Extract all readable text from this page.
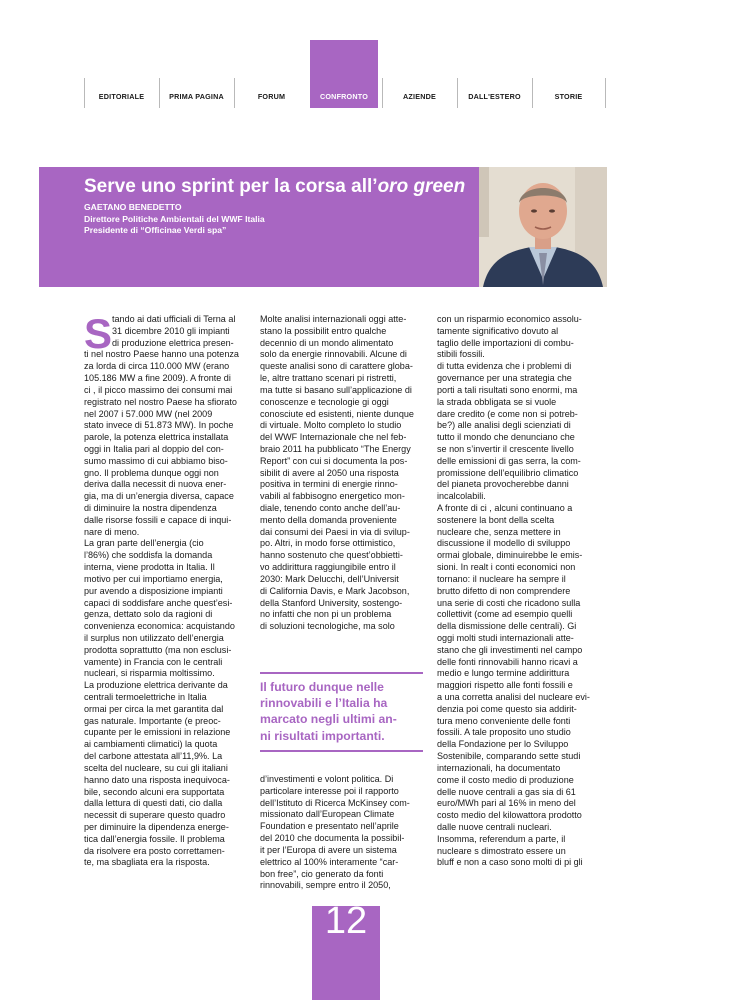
EDITORIALE	PRIMA PAGINA	FORUM	CONFRONTO	AZIENDE	DALL'ESTERO	STORIE
Serve uno sprint per la corsa all’oro green
GAETANO BENEDETTO
Direttore Politiche Ambientali del WWF Italia
Presidente di “Officinae Verdi spa”
S tando ai dati ufficiali di Terna al
31 dicembre 2010 gli impianti
di produzione elettrica presen-
ti nel nostro Paese hanno una potenza
za lorda di circa 110.000 MW (erano
105.186 MW a fine 2009). A fronte di
ci , il picco massimo dei consumi mai
registrato nel nostro Paese ha sfiorato
nel 2007 i 57.000 MW (nel 2009
stato invece di 51.873 MW). In poche
parole, la potenza elettrica installata
oggi in Italia pari al doppio del con-
sumo massimo di cui abbiamo biso-
gno. Il problema dunque oggi non
deriva dalla necessit di nuova ener-
gia, ma di un’energia diversa, capace
di diminuire la nostra dipendenza
dalle risorse fossili e capace di inqui-
nare di meno.
La gran parte dell’energia (cio
l’86%) che soddisfa la domanda
interna, viene prodotta in Italia. Il
motivo per cui importiamo energia,
pur avendo a disposizione impianti
capaci di soddisfare anche quest’esi-
genza, dettato solo da ragioni di
convenienza economica: acquistando
il surplus non utilizzato dell’energia
prodotta soprattutto (ma non esclusi-
vamente) in Francia con le centrali
nucleari, si risparmia moltissimo.
La produzione elettrica derivante da
centrali termoelettriche in Italia
ormai per circa la met garantita dal
gas naturale. Importante (e preoc-
cupante per le emissioni in relazione
ai cambiamenti climatici) la quota
del carbone attestata all’11,9%. La
scelta del nucleare, su cui gli italiani
hanno dato una risposta inequivoca-
bile, secondo alcuni era supportata
dalla lettura di questi dati, cio dalla
necessit di superare questo quadro
per diminuire la dipendenza energe-
tica dall’energia fossile. Il problema
da risolvere era posto correttamen-
te, ma sbagliata era la risposta.
Molte analisi internazionali oggi atte-
stano la possibilit entro qualche
decennio di un mondo alimentato
solo da energie rinnovabili. Alcune di
queste analisi sono di carattere globa-
le, altre trattano scenari pi ristretti,
ma tutte si basano sull’applicazione di
conoscenze e tecnologie gi oggi
conosciute ed esistenti, niente dunque
di virtuale. Molto completo lo studio
del WWF Internazionale che nel feb-
braio 2011 ha pubblicato “The Energy
Report” con cui si documenta la pos-
sibilit di avere al 2050 una risposta
positiva in termini di energie rinno-
vabili al fabbisogno energetico mon-
diale, tenendo conto anche dell’au-
mento della domanda proveniente
dai consumi dei Paesi in via di svilup-
po. Altri, in modo forse ottimistico,
hanno sostenuto che quest’obbietti-
vo addirittura raggiungibile entro il
2030: Mark Delucchi, dell’Universit
di California Davis, e Mark Jacobson,
della Stanford University, sostengo-
no infatti che non pi un problema
di soluzioni tecnologiche, ma solo
Il futuro dunque nelle
rinnovabili e l’Italia ha
marcato negli ultimi an-
ni risultati importanti.
d’investimenti e volont politica. Di
particolare interesse poi il rapporto
dell’Istituto di Ricerca McKinsey com-
missionato dall’European Climate
Foundation e presentato nell’aprile
del 2010 che documenta la possibil-
it per l’Europa di avere un sistema
elettrico al 100% interamente “car-
bon free”, cio generato da fonti
rinnovabili, sempre entro il 2050,
con un risparmio economico assolu-
tamente significativo dovuto al
taglio delle importazioni di combu-
stibili fossili.
di tutta evidenza che i problemi di
governance per una strategia che
porti a tali risultati sono enormi, ma
la strada obbligata se si vuole
dare credito (e come non si potreb-
be?) alle analisi degli scienziati di
tutto il mondo che denunciano che
se non s’invertir il crescente livello
delle emissioni di gas serra, la com-
promissione dell’equilibrio climatico
del pianeta provocherebbe danni
incalcolabili.
A fronte di ci , alcuni continuano a
sostenere la bont della scelta
nucleare che, senza mettere in
discussione il modello di sviluppo
ormai globale, diminuirebbe le emis-
sioni. In realt i conti economici non
tornano: il nucleare ha sempre il
brutto difetto di non comprendere
una serie di costi che ricadono sulla
collettivit (come ad esempio quelli
della dismissione delle centrali). Gi
oggi molti studi internazionali atte-
stano che gli investimenti nel campo
delle fonti rinnovabili hanno ricavi a
medio e lungo termine addirittura
maggiori rispetto alle fonti fossili e
a una corretta analisi del nucleare evi-
denzia poi come questo sia addirit-
tura meno conveniente delle fonti
fossili. A tale proposito uno studio
della Fondazione per lo Sviluppo
Sostenibile, comparando sette studi
internazionali, ha documentato
come il costo medio di produzione
delle nuove centrali a gas sia di 61
euro/MWh pari al 16% in meno del
costo medio del kilowattora prodotto
dalle nuove centrali nucleari.
Insomma, referendum a parte, il
nucleare s dimostrato essere un
bluff e non a caso sono molti di pi gli
12
